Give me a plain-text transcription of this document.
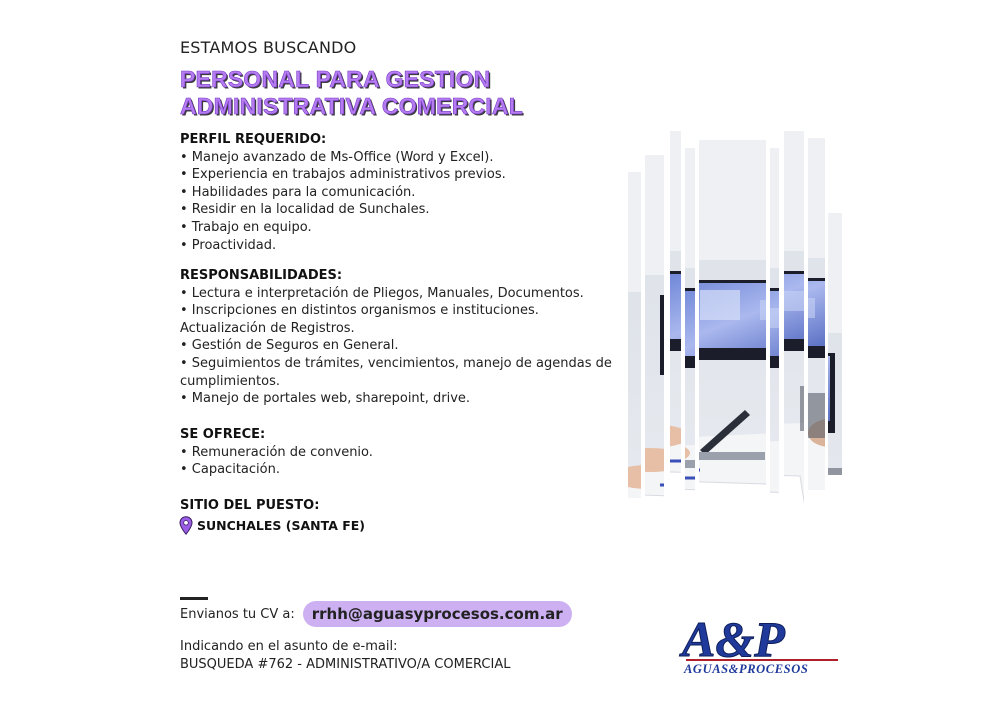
ESTAMOS BUSCANDO
PERSONAL PARA GESTION
ADMINISTRATIVA COMERCIAL
PERFIL REQUERIDO:
• Manejo avanzado de Ms-Office (Word y Excel).
• Experiencia en trabajos administrativos previos.
• Habilidades para la comunicación.
• Residir en la localidad de Sunchales.
• Trabajo en equipo.
• Proactividad.
RESPONSABILIDADES:
• Lectura e interpretación de Pliegos, Manuales, Documentos.
• Inscripciones en distintos organismos e instituciones.
Actualización de Registros.
• Gestión de Seguros en General.
• Seguimientos de trámites, vencimientos, manejo de agendas de
cumplimientos.
• Manejo de portales web, sharepoint, drive.
SE OFRECE:
• Remuneración de convenio.
• Capacitación.
SITIO DEL PUESTO:
SUNCHALES (SANTA FE)
Envianos tu CV a:	rrhh@aguasyprocesos.com.ar
Indicando en el asunto de e-mail:
BUSQUEDA #762 - ADMINISTRATIVO/A COMERCIAL	A&P
AGUAS&PROCESOS
